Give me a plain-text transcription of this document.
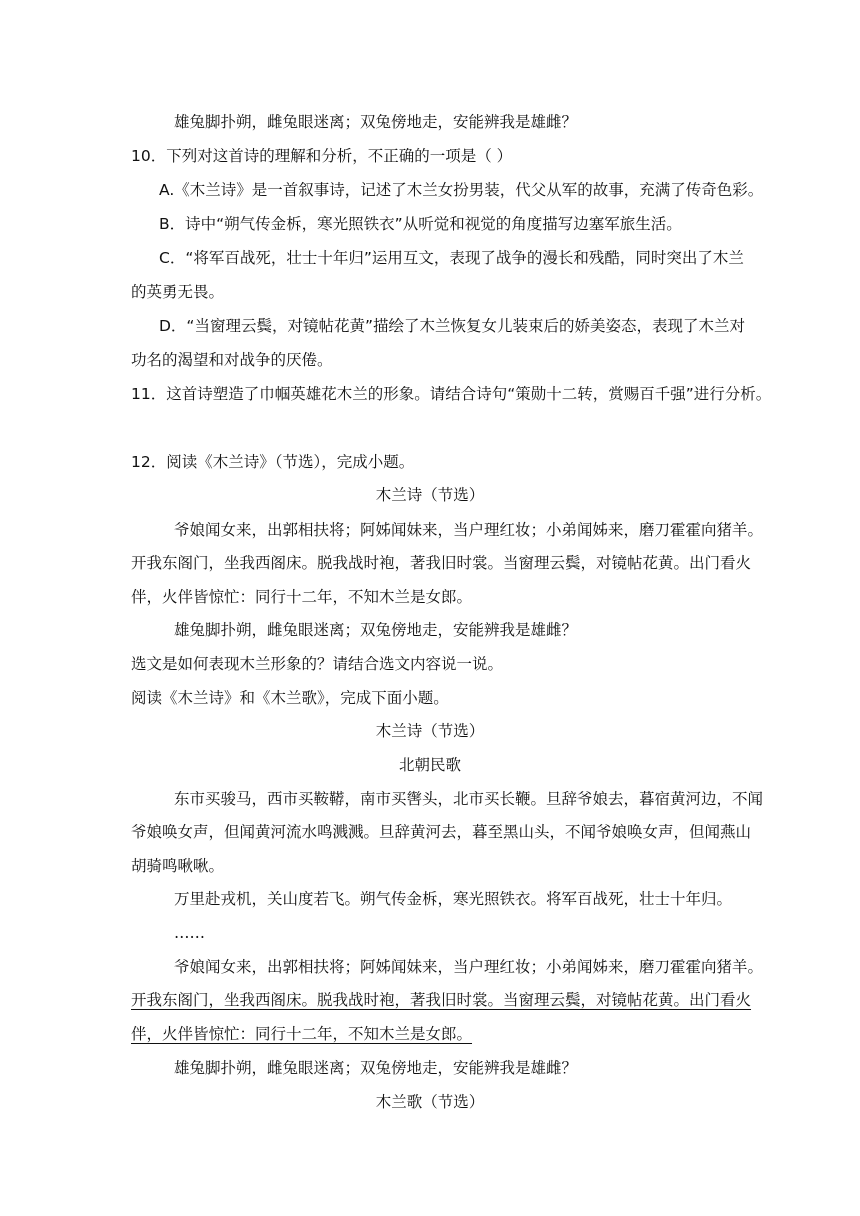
雄兔脚扑朔，雌兔眼迷离；双兔傍地走，安能辨我是雄雌？

10．下列对这首诗的理解和分析，不正确的一项是（ ）

A.《木兰诗》是一首叙事诗，记述了木兰女扮男装，代父从军的故事，充满了传奇色彩。

B．诗中“朔气传金柝，寒光照铁衣”从听觉和视觉的角度描写边塞军旅生活。

C．“将军百战死，壮士十年归”运用互文，表现了战争的漫长和残酷，同时突出了木兰

的英勇无畏。

D．“当窗理云鬓，对镜帖花黄”描绘了木兰恢复女儿装束后的娇美姿态，表现了木兰对

功名的渴望和对战争的厌倦。

11．这首诗塑造了巾帼英雄花木兰的形象。请结合诗句“策勋十二转，赏赐百千强”进行分析。

12．阅读《木兰诗》（节选），完成小题。

木兰诗（节选）

爷娘闻女来，出郭相扶将；阿姊闻妹来，当户理红妆；小弟闻姊来，磨刀霍霍向猪羊。

开我东阁门，坐我西阁床。脱我战时袍，著我旧时裳。当窗理云鬓，对镜帖花黄。出门看火

伴，火伴皆惊忙：同行十二年，不知木兰是女郎。

雄兔脚扑朔，雌兔眼迷离；双兔傍地走，安能辨我是雄雌？

选文是如何表现木兰形象的？请结合选文内容说一说。

阅读《木兰诗》和《木兰歌》，完成下面小题。

木兰诗（节选）

北朝民歌

东市买骏马，西市买鞍鞯，南市买辔头，北市买长鞭。旦辞爷娘去，暮宿黄河边，不闻

爷娘唤女声，但闻黄河流水鸣溅溅。旦辞黄河去，暮至黑山头，不闻爷娘唤女声，但闻燕山

胡骑鸣啾啾。

万里赴戎机，关山度若飞。朔气传金柝，寒光照铁衣。将军百战死，壮士十年归。

……

爷娘闻女来，出郭相扶将；阿姊闻妹来，当户理红妆；小弟闻姊来，磨刀霍霍向猪羊。

开我东阁门，坐我西阁床。脱我战时袍，著我旧时裳。当窗理云鬓，对镜帖花黄。出门看火

伴，火伴皆惊忙：同行十二年，不知木兰是女郎。

雄兔脚扑朔，雌兔眼迷离；双兔傍地走，安能辨我是雄雌？

木兰歌（节选）
